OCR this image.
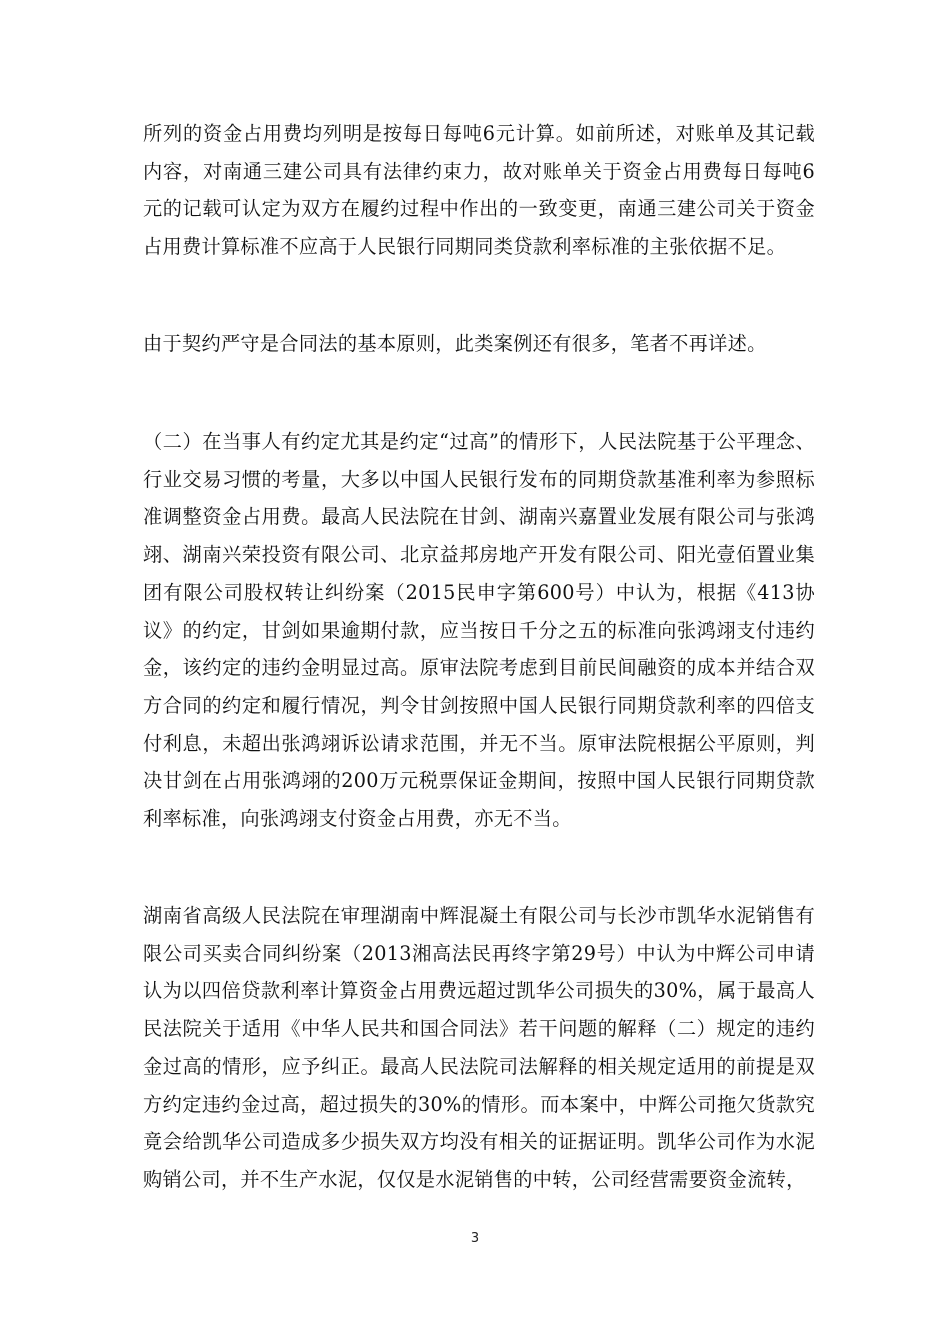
所列的资金占用费均列明是按每日每吨6元计算。如前所述，对账单及其记载内容，对南通三建公司具有法律约束力，故对账单关于资金占用费每日每吨6元的记载可认定为双方在履约过程中作出的一致变更，南通三建公司关于资金占用费计算标准不应高于人民银行同期同类贷款利率标准的主张依据不足。

由于契约严守是合同法的基本原则，此类案例还有很多，笔者不再详述。

（二）在当事人有约定尤其是约定“过高”的情形下，人民法院基于公平理念、行业交易习惯的考量，大多以中国人民银行发布的同期贷款基准利率为参照标准调整资金占用费。最高人民法院在甘剑、湖南兴嘉置业发展有限公司与张鸿翊、湖南兴荣投资有限公司、北京益邦房地产开发有限公司、阳光壹佰置业集团有限公司股权转让纠纷案（2015民申字第600号）中认为，根据《413协议》的约定，甘剑如果逾期付款，应当按日千分之五的标准向张鸿翊支付违约金，该约定的违约金明显过高。原审法院考虑到目前民间融资的成本并结合双方合同的约定和履行情况，判令甘剑按照中国人民银行同期贷款利率的四倍支付利息，未超出张鸿翊诉讼请求范围，并无不当。原审法院根据公平原则，判决甘剑在占用张鸿翊的200万元税票保证金期间，按照中国人民银行同期贷款利率标准，向张鸿翊支付资金占用费，亦无不当。

湖南省高级人民法院在审理湖南中辉混凝土有限公司与长沙市凯华水泥销售有限公司买卖合同纠纷案（2013湘高法民再终字第29号）中认为中辉公司申请认为以四倍贷款利率计算资金占用费远超过凯华公司损失的30%，属于最高人民法院关于适用《中华人民共和国合同法》若干问题的解释（二）规定的违约金过高的情形，应予纠正。最高人民法院司法解释的相关规定适用的前提是双方约定违约金过高，超过损失的30%的情形。而本案中，中辉公司拖欠货款究竟会给凯华公司造成多少损失双方均没有相关的证据证明。凯华公司作为水泥购销公司，并不生产水泥，仅仅是水泥销售的中转，公司经营需要资金流转，

3
